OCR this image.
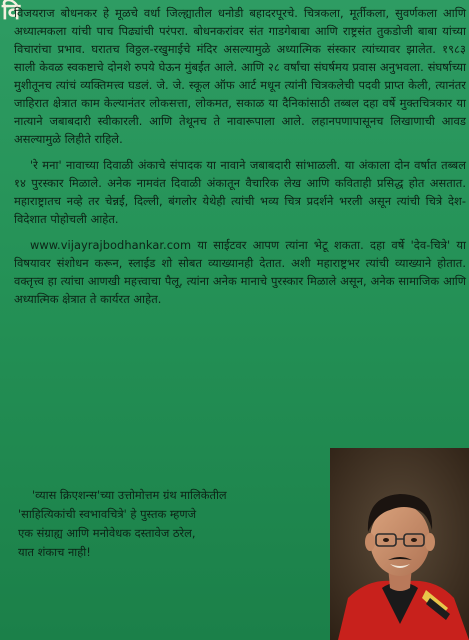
वि

विजयराज बोधनकर हे मूळचे वर्धा जिल्ह्यातील धनोडी बहादरपूरचे. चित्रकला, मूर्तीकला, सुवर्णकला आणि अध्यात्मकला यांची पाच पिढ्यांची परंपरा. बोधनकरांवर संत गाडगेबाबा आणि राष्ट्रसंत तुकडोजी बाबा यांच्या विचारांचा प्रभाव. घरातच विठ्ठल-रखुमाईचे मंदिर असल्यामुळे अध्यात्मिक संस्कार त्यांच्यावर झालेत. १९८३ साली केवळ स्वकष्टाचे दोनशे रुपये घेऊन मुंबईत आले. आणि २८ वर्षांचा संघर्षमय प्रवास अनुभवला. संघर्षाच्या मुशीतूनच त्यांचं व्यक्तिमत्त्व घडलं. जे. जे. स्कूल ऑफ आर्ट मधून त्यांनी चित्रकलेची पदवी प्राप्त केली, त्यानंतर जाहिरात क्षेत्रात काम केल्यानंतर लोकसत्ता, लोकमत, सकाळ या दैनिकांसाठी तब्बल दहा वर्षे मुक्तचित्रकार या नात्याने जबाबदारी स्वीकारली. आणि तेथूनच ते नावारूपाला आले. लहानपणापासूनच लिखाणाची आवड असल्यामुळे लिहीते राहिले.

'रे मना' नावाच्या दिवाळी अंकाचे संपादक या नावाने जबाबदारी सांभाळली. या अंकाला दोन वर्षात तब्बल १४ पुरस्कार मिळाले. अनेक नामवंत दिवाळी अंकातून वैचारिक लेख आणि कविताही प्रसिद्ध होत असतात. महाराष्ट्रातच नव्हे तर चेन्नई, दिल्ली, बंगलोर येथेही त्यांची भव्य चित्र प्रदर्शने भरली असून त्यांची चित्रे देश-विदेशात पोहोचली आहेत.

www.vijayrajbodhankar.com या साईटवर आपण त्यांना भेटू शकता. दहा वर्षे 'देव-चित्रे' या विषयावर संशोधन करून, स्लाईड शो सोबत व्याख्यानही देतात. अशी महाराष्ट्रभर त्यांची व्याख्याने होतात. वक्तृत्त्व हा त्यांचा आणखी महत्त्वाचा पैलू, त्यांना अनेक मानाचे पुरस्कार मिळाले असून, अनेक सामाजिक आणि अध्यात्मिक क्षेत्रात ते कार्यरत आहेत.

'व्यास क्रिएशन्स'च्या उत्तोमोत्तम ग्रंथ मालिकेतील
'साहित्यिकांची स्वभावचित्रे' हे पुस्तक म्हणजे
एक संग्राह्य आणि मनोवेधक दस्तावेज ठरेल,
यात शंकाच नाही!
